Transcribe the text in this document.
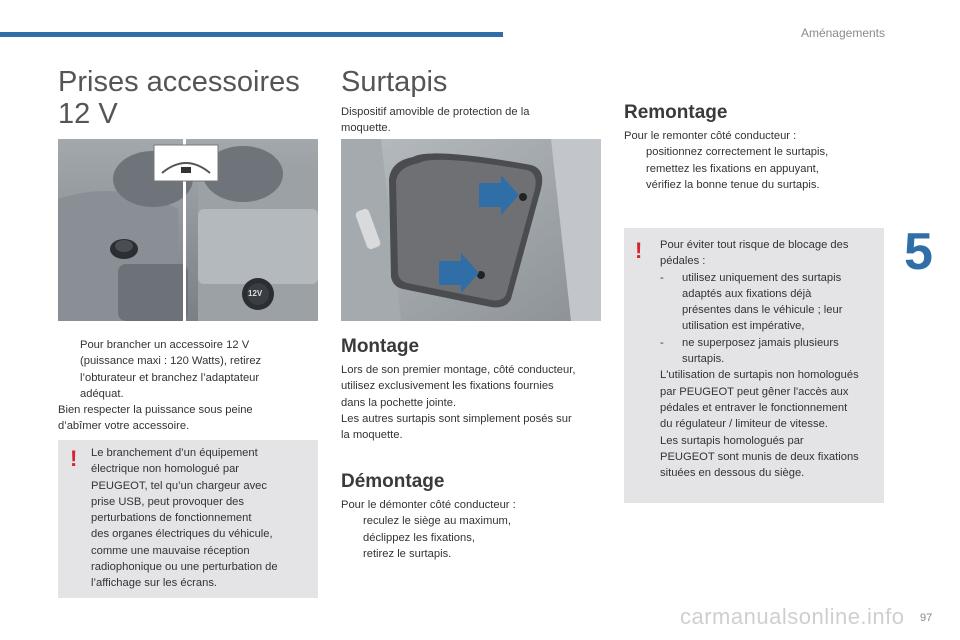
Aménagements
5
97
Prises accessoires
12 V
12V

Pour brancher un accessoire 12 V

(puissance maxi : 120 Watts), retirez

l’obturateur et branchez l’adaptateur

adéquat.

Bien respecter la puissance sous peine

d’abîmer votre accessoire.

! Le branchement d’un équipement

électrique non homologué par

PEUGEOT, tel qu’un chargeur avec

prise USB, peut provoquer des

perturbations de fonctionnement

des organes électriques du véhicule,

comme une mauvaise réception

radiophonique ou une perturbation de

l’affichage sur les écrans.

Surtapis

Dispositif amovible de protection de la

moquette.

Montage

Lors de son premier montage, côté conducteur,

utilisez exclusivement les fixations fournies

dans la pochette jointe.

Les autres surtapis sont simplement posés sur

la moquette.

Démontage

Pour le démonter côté conducteur :

reculez le siège au maximum,
déclippez les fixations,
retirez le surtapis.
Remontage

Pour le remonter côté conducteur :

positionnez correctement le surtapis,
remettez les fixations en appuyant,
vérifiez la bonne tenue du surtapis.
! Pour éviter tout risque de blocage des

pédales :

-	utilisez uniquement des surtapis

adaptés aux fixations déjà

présentes dans le véhicule ; leur

utilisation est impérative,

-	ne superposez jamais plusieurs

surtapis.

L'utilisation de surtapis non homologués

par PEUGEOT peut gêner l'accès aux

pédales et entraver le fonctionnement

du régulateur / limiteur de vitesse.

Les surtapis homologués par

PEUGEOT sont munis de deux fixations

situées en dessous du siège.

carmanualsonline.info
